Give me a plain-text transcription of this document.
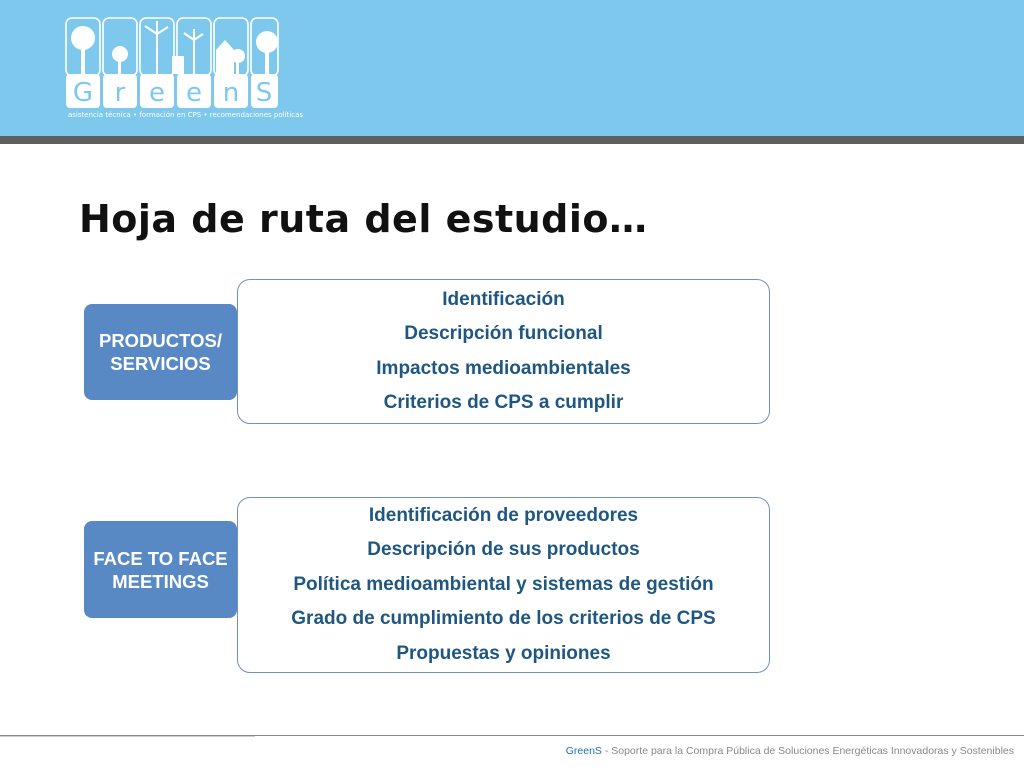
G r e e n S
asistencia técnica • formación en CPS • recomendaciones políticas
Hoja de ruta del estudio…
Identificación
Descripción funcional
Impactos medioambientales
Criterios de CPS a cumplir
PRODUCTOS/
SERVICIOS
Identificación de proveedores
Descripción de sus productos
Política medioambiental y sistemas de gestión
Grado de cumplimiento de los criterios de CPS
Propuestas y opiniones
FACE TO FACE
MEETINGS
GreenS - Soporte para la Compra Pública de Soluciones Energéticas Innovadoras y Sostenibles
